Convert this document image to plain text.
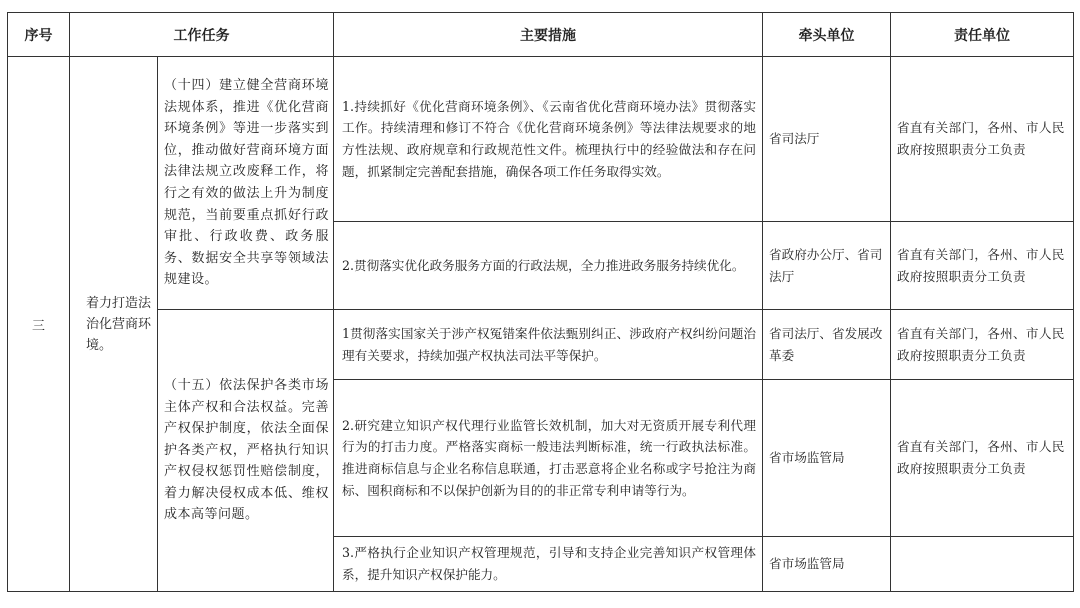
序号	工作任务		主要措施	牵头单位	责任单位
三	着力打造法治化营商环境。	（十四）建立健全营商环境法规体系，推进《优化营商环境条例》等进一步落实到位，推动做好营商环境方面法律法规立改废释工作，将行之有效的做法上升为制度规范，当前要重点抓好行政审批、行政收费、政务服务、数据安全共享等领域法规建设。	1.持续抓好《优化营商环境条例》、《云南省优化营商环境办法》贯彻落实工作。持续清理和修订不符合《优化营商环境条例》等法律法规要求的地方性法规、政府规章和行政规范性文件。梳理执行中的经验做法和存在问题，抓紧制定完善配套措施，确保各项工作任务取得实效。	省司法厅	省直有关部门，各州、市人民政府按照职责分工负责
			2.贯彻落实优化政务服务方面的行政法规，全力推进政务服务持续优化。	省政府办公厅、省司法厅	省直有关部门，各州、市人民政府按照职责分工负责
		（十五）依法保护各类市场主体产权和合法权益。完善产权保护制度，依法全面保护各类产权，严格执行知识产权侵权惩罚性赔偿制度，着力解决侵权成本低、维权成本高等问题。	1贯彻落实国家关于涉产权冤错案件依法甄别纠正、涉政府产权纠纷问题治理有关要求，持续加强产权执法司法平等保护。	省司法厅、省发展改革委	省直有关部门，各州、市人民政府按照职责分工负责
			2.研究建立知识产权代理行业监管长效机制，加大对无资质开展专利代理行为的打击力度。严格落实商标一般违法判断标准，统一行政执法标准。推进商标信息与企业名称信息联通，打击恶意将企业名称或字号抢注为商标、囤积商标和不以保护创新为目的的非正常专利申请等行为。	省市场监管局	省直有关部门，各州、市人民政府按照职责分工负责
			3.严格执行企业知识产权管理规范，引导和支持企业完善知识产权管理体系，提升知识产权保护能力。	省市场监管局	
